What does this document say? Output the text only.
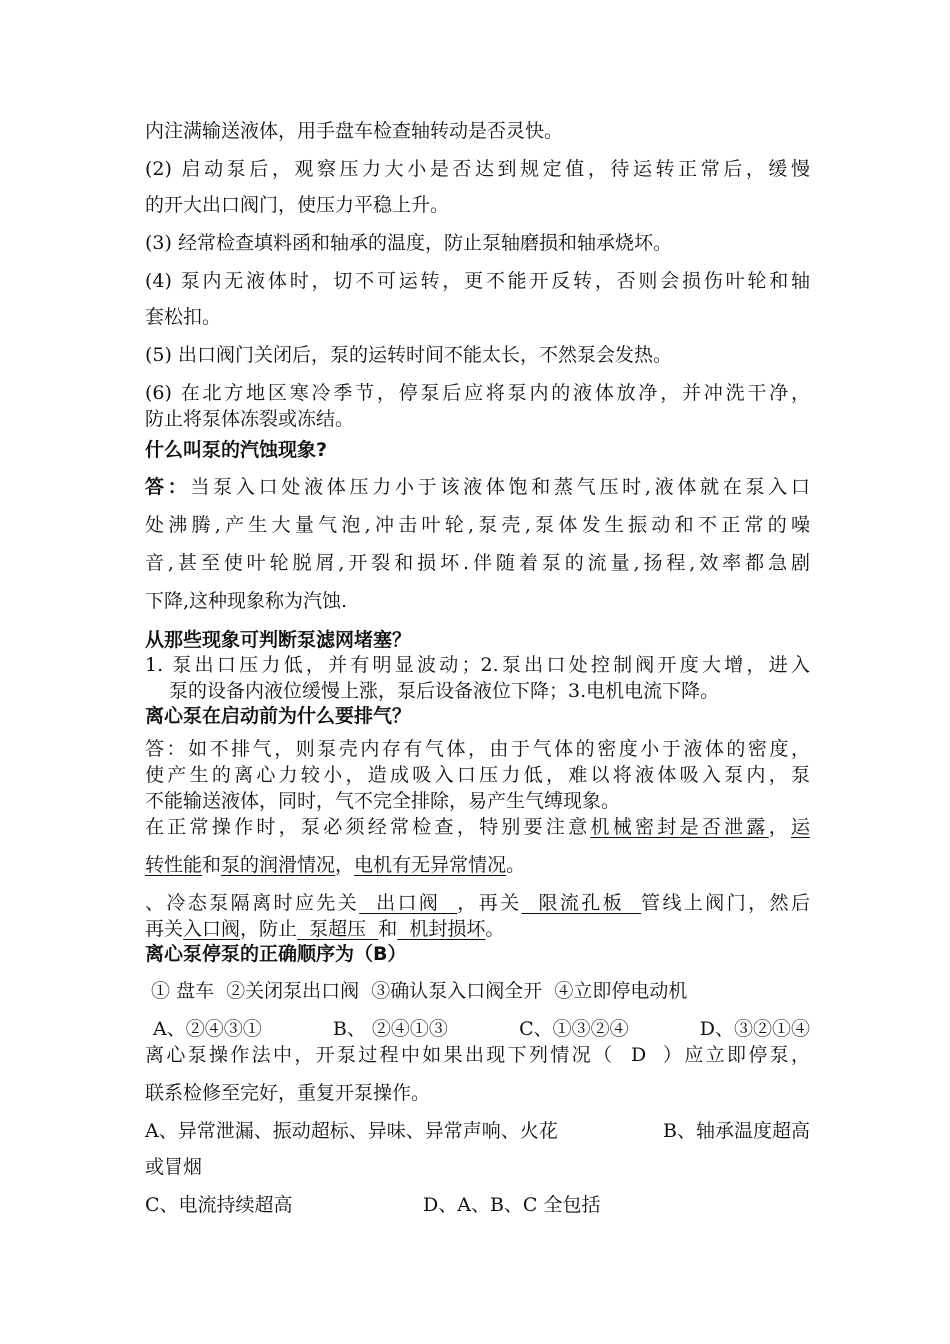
内注满输送液体，用手盘车检查轴转动是否灵快。
(2) 启动泵后，观察压力大小是否达到规定值，待运转正常后，缓慢
的开大出口阀门，使压力平稳上升。
(3) 经常检查填料函和轴承的温度，防止泵轴磨损和轴承烧坏。
(4) 泵内无液体时，切不可运转，更不能开反转，否则会损伤叶轮和轴
套松扣。
(5) 出口阀门关闭后，泵的运转时间不能太长，不然泵会发热。
(6) 在北方地区寒冷季节，停泵后应将泵内的液体放净，并冲洗干净，
防止将泵体冻裂或冻结。
什么叫泵的汽蚀现象?
答：当泵入口处液体压力小于该液体饱和蒸气压时,液体就在泵入口
处沸腾,产生大量气泡,冲击叶轮,泵壳,泵体发生振动和不正常的噪
音,甚至使叶轮脱屑,开裂和损坏.伴随着泵的流量,扬程,效率都急剧
下降,这种现象称为汽蚀.
从那些现象可判断泵滤网堵塞？
1. 泵出口压力低，并有明显波动；2.泵出口处控制阀开度大增，进入
泵的设备内液位缓慢上涨，泵后设备液位下降；3.电机电流下降。
离心泵在启动前为什么要排气？
答：如不排气，则泵壳内存有气体，由于气体的密度小于液体的密度，
使产生的离心力较小，造成吸入口压力低，难以将液体吸入泵内，泵
不能输送液体，同时，气不完全排除，易产生气缚现象。
在正常操作时，泵必须经常检查，特别要注意机械密封是否泄露，运
转性能和泵的润滑情况，电机有无异常情况。
、冷态泵隔离时应先关  出口阀  ，再关  限流孔板  管线上阀门，然后
再关入口阀，防止  泵超压  和  机封损坏。
离心泵停泵的正确顺序为（B）
① 盘车  ②关闭泵出口阀  ③确认泵入口阀全开  ④立即停电动机
A、②④③①	B、 ②④①③	C、①③②④	D、③②①④
离心泵操作法中，开泵过程中如果出现下列情况（  D  ）应立即停泵，
联系检修至完好，重复开泵操作。
A、异常泄漏、振动超标、异味、异常声响、火花	B、轴承温度超高
或冒烟
C、电流持续超高	D、A、B、C 全包括
